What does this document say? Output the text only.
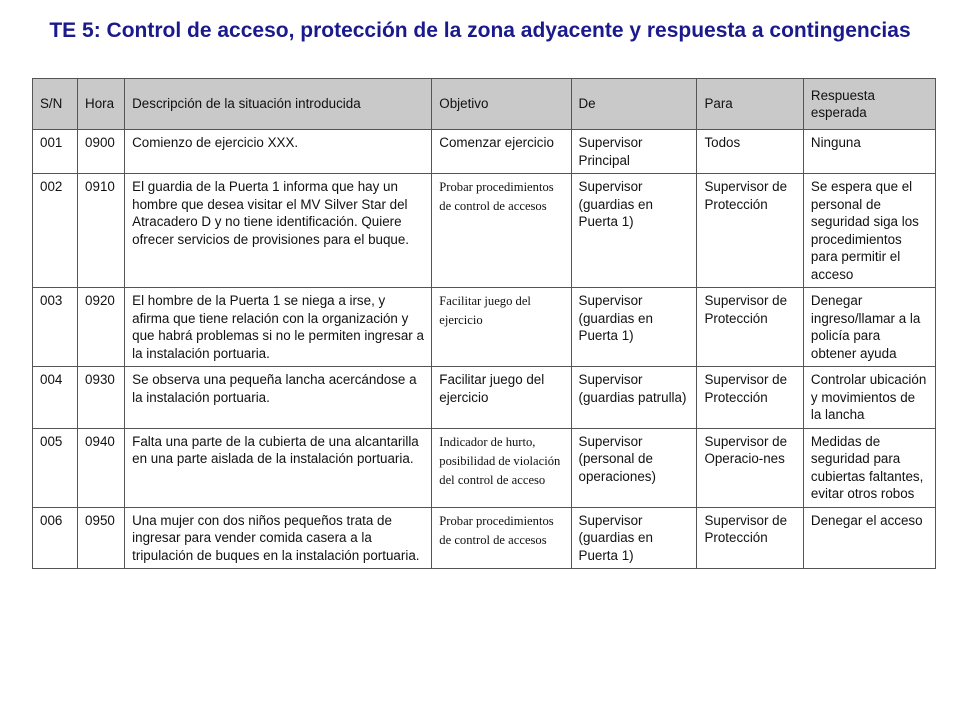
TE 5: Control de acceso, protección de la zona adyacente y respuesta a contingencias
S/N	Hora	Descripción de la situación introducida	Objetivo	De	Para	Respuesta esperada
001	0900	Comienzo de ejercicio XXX.	Comenzar ejercicio	Supervisor Principal	Todos	Ninguna
002	0910	El guardia de la Puerta 1 informa que hay un hombre que desea visitar el MV Silver Star del Atracadero D y no tiene identificación. Quiere ofrecer servicios de provisiones para el buque.	Probar procedimientos de control de accesos	Supervisor (guardias en Puerta 1)	Supervisor de Protección	Se espera que el personal de seguridad siga los procedimientos para permitir el acceso
003	0920	El hombre de la Puerta 1 se niega a irse, y afirma que tiene relación con la organización y que habrá problemas si no le permiten ingresar a la instalación portuaria.	Facilitar juego del ejercicio	Supervisor (guardias en Puerta 1)	Supervisor de Protección	Denegar ingreso/llamar a la policía para obtener ayuda
004	0930	Se observa una pequeña lancha acercándose a la instalación portuaria.	Facilitar juego del ejercicio	Supervisor (guardias patrulla)	Supervisor de Protección	Controlar ubicación y movimientos de la lancha
005	0940	Falta una parte de la cubierta de una alcantarilla en una parte aislada de la instalación portuaria.	Indicador de hurto, posibilidad de violación del control de acceso	Supervisor (personal de operaciones)	Supervisor de Operacio-nes	Medidas de seguridad para cubiertas faltantes, evitar otros robos
006	0950	Una mujer con dos niños pequeños trata de ingresar para vender comida casera a la tripulación de buques en la instalación portuaria.	Probar procedimientos de control de accesos	Supervisor (guardias en Puerta 1)	Supervisor de Protección	Denegar el acceso
